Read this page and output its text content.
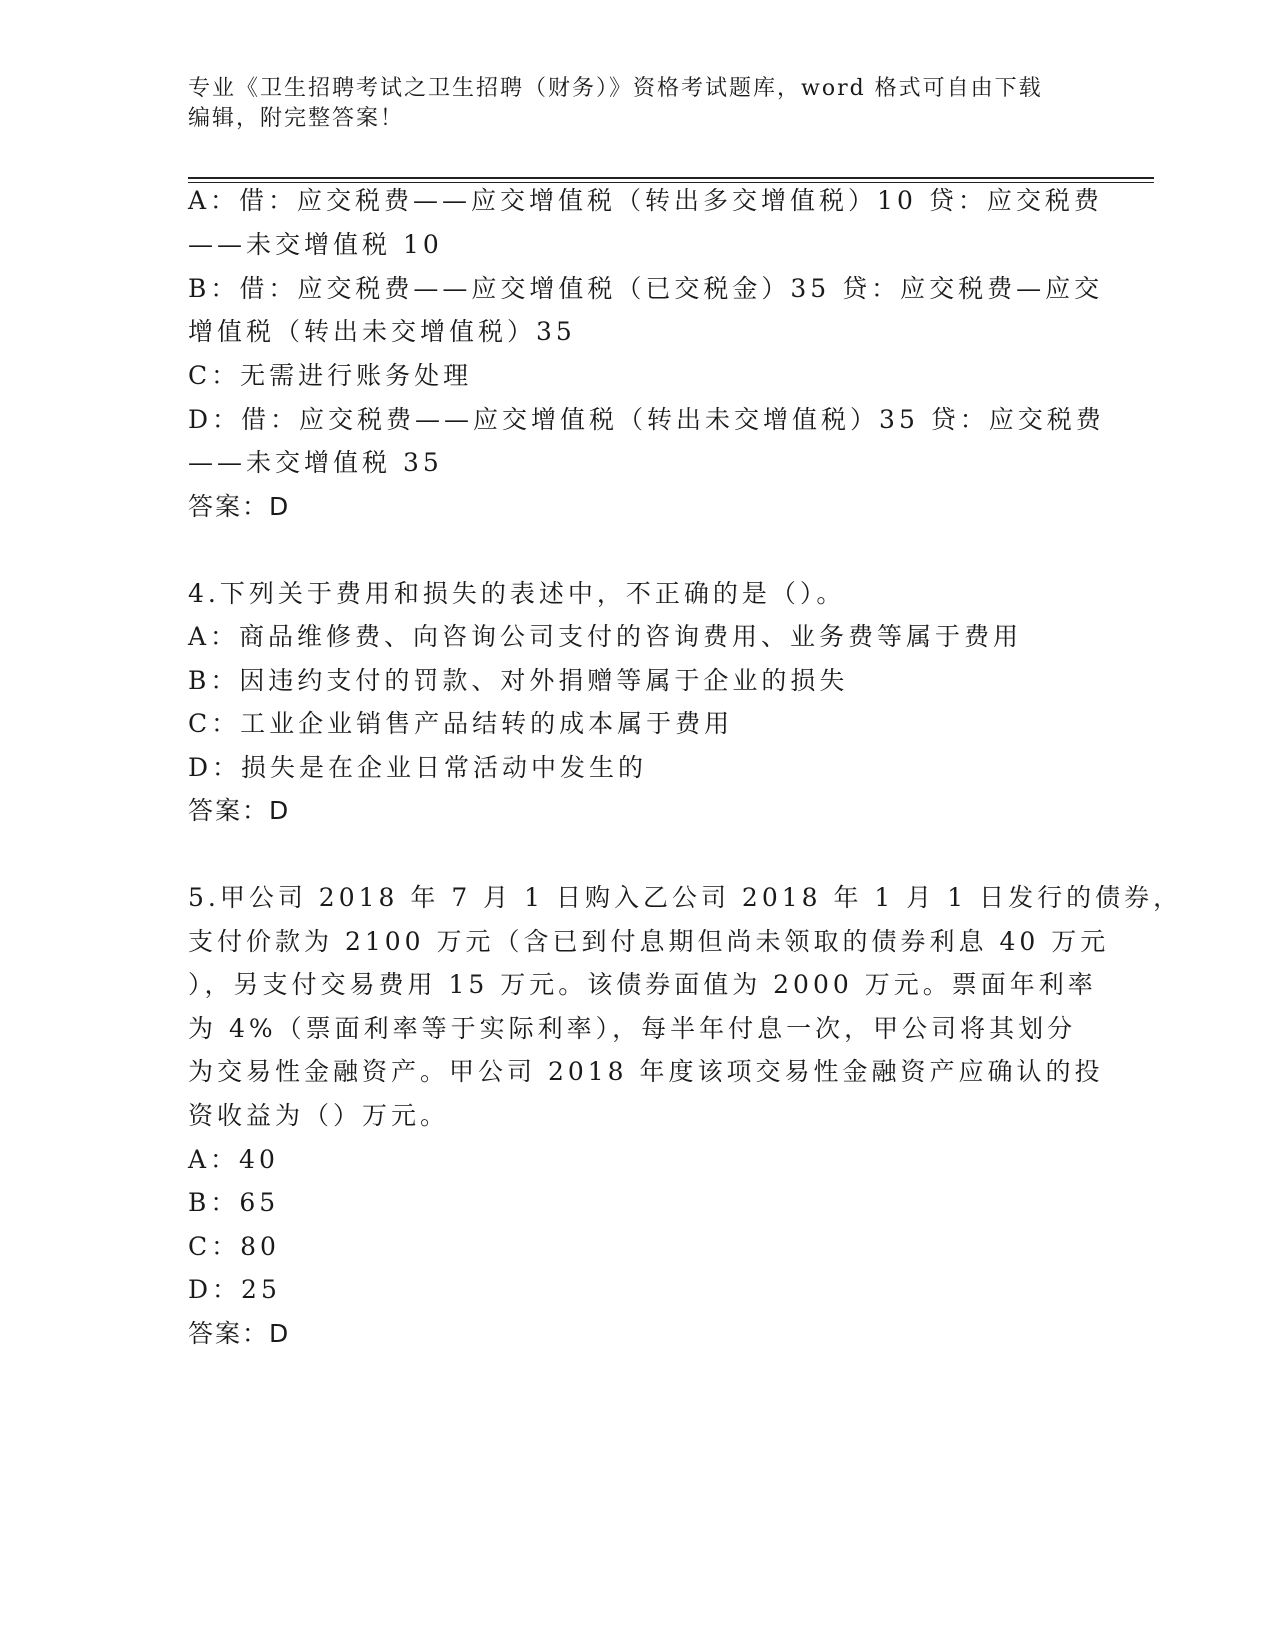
专业《卫生招聘考试之卫生招聘（财务）》资格考试题库，word 格式可自由下载
编辑，附完整答案！
A：借：应交税费——应交增值税（转出多交增值税）10 贷：应交税费
——未交增值税 10
B：借：应交税费——应交增值税（已交税金）35 贷：应交税费—应交
增值税（转出未交增值税）35
C：无需进行账务处理
D：借：应交税费——应交增值税（转出未交增值税）35 贷：应交税费
——未交增值税 35
答案：D
4.下列关于费用和损失的表述中，不正确的是（）。
A：商品维修费、向咨询公司支付的咨询费用、业务费等属于费用
B：因违约支付的罚款、对外捐赠等属于企业的损失
C：工业企业销售产品结转的成本属于费用
D：损失是在企业日常活动中发生的
答案：D
5.甲公司 2018 年 7 月 1 日购入乙公司 2018 年 1 月 1 日发行的债券，
支付价款为 2100 万元（含已到付息期但尚未领取的债券利息 40 万元
），另支付交易费用 15 万元。该债券面值为 2000 万元。票面年利率
为 4%（票面利率等于实际利率），每半年付息一次，甲公司将其划分
为交易性金融资产。甲公司 2018 年度该项交易性金融资产应确认的投
资收益为（）万元。
A：40
B：65
C：80
D：25
答案：D
